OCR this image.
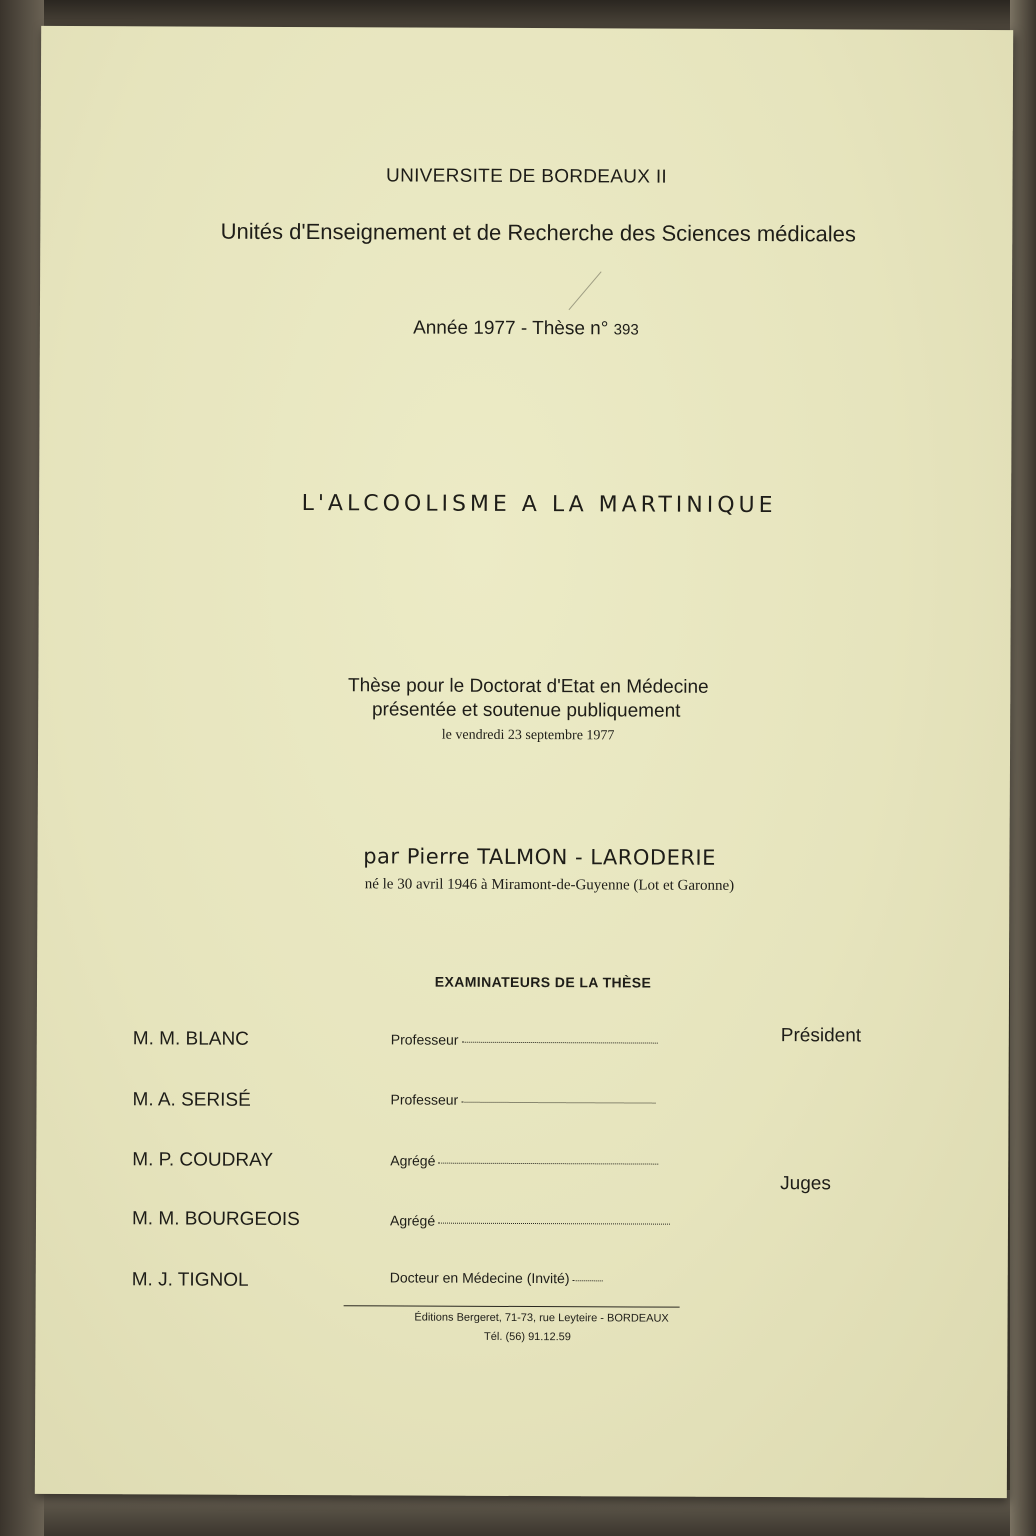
UNIVERSITE DE BORDEAUX II
Unités d'Enseignement et de Recherche des Sciences médicales
Année 1977 - Thèse n° 393
L'ALCOOLISME A LA MARTINIQUE
Thèse pour le Doctorat d'Etat en Médecine
présentée et soutenue publiquement
le vendredi 23 septembre 1977
par Pierre TALMON - LARODERIE
né le 30 avril 1946 à Miramont-de-Guyenne (Lot et Garonne)
EXAMINATEURS DE LA THÈSE
M. M. BLANC	Professeur
M. A. SERISÉ	Professeur
M. P. COUDRAY	Agrégé
M. M. BOURGEOIS	Agrégé
M. J. TIGNOL	Docteur en Médecine (Invité)
Président
Juges
Éditions Bergeret, 71-73, rue Leyteire - BORDEAUX
Tél. (56) 91.12.59
